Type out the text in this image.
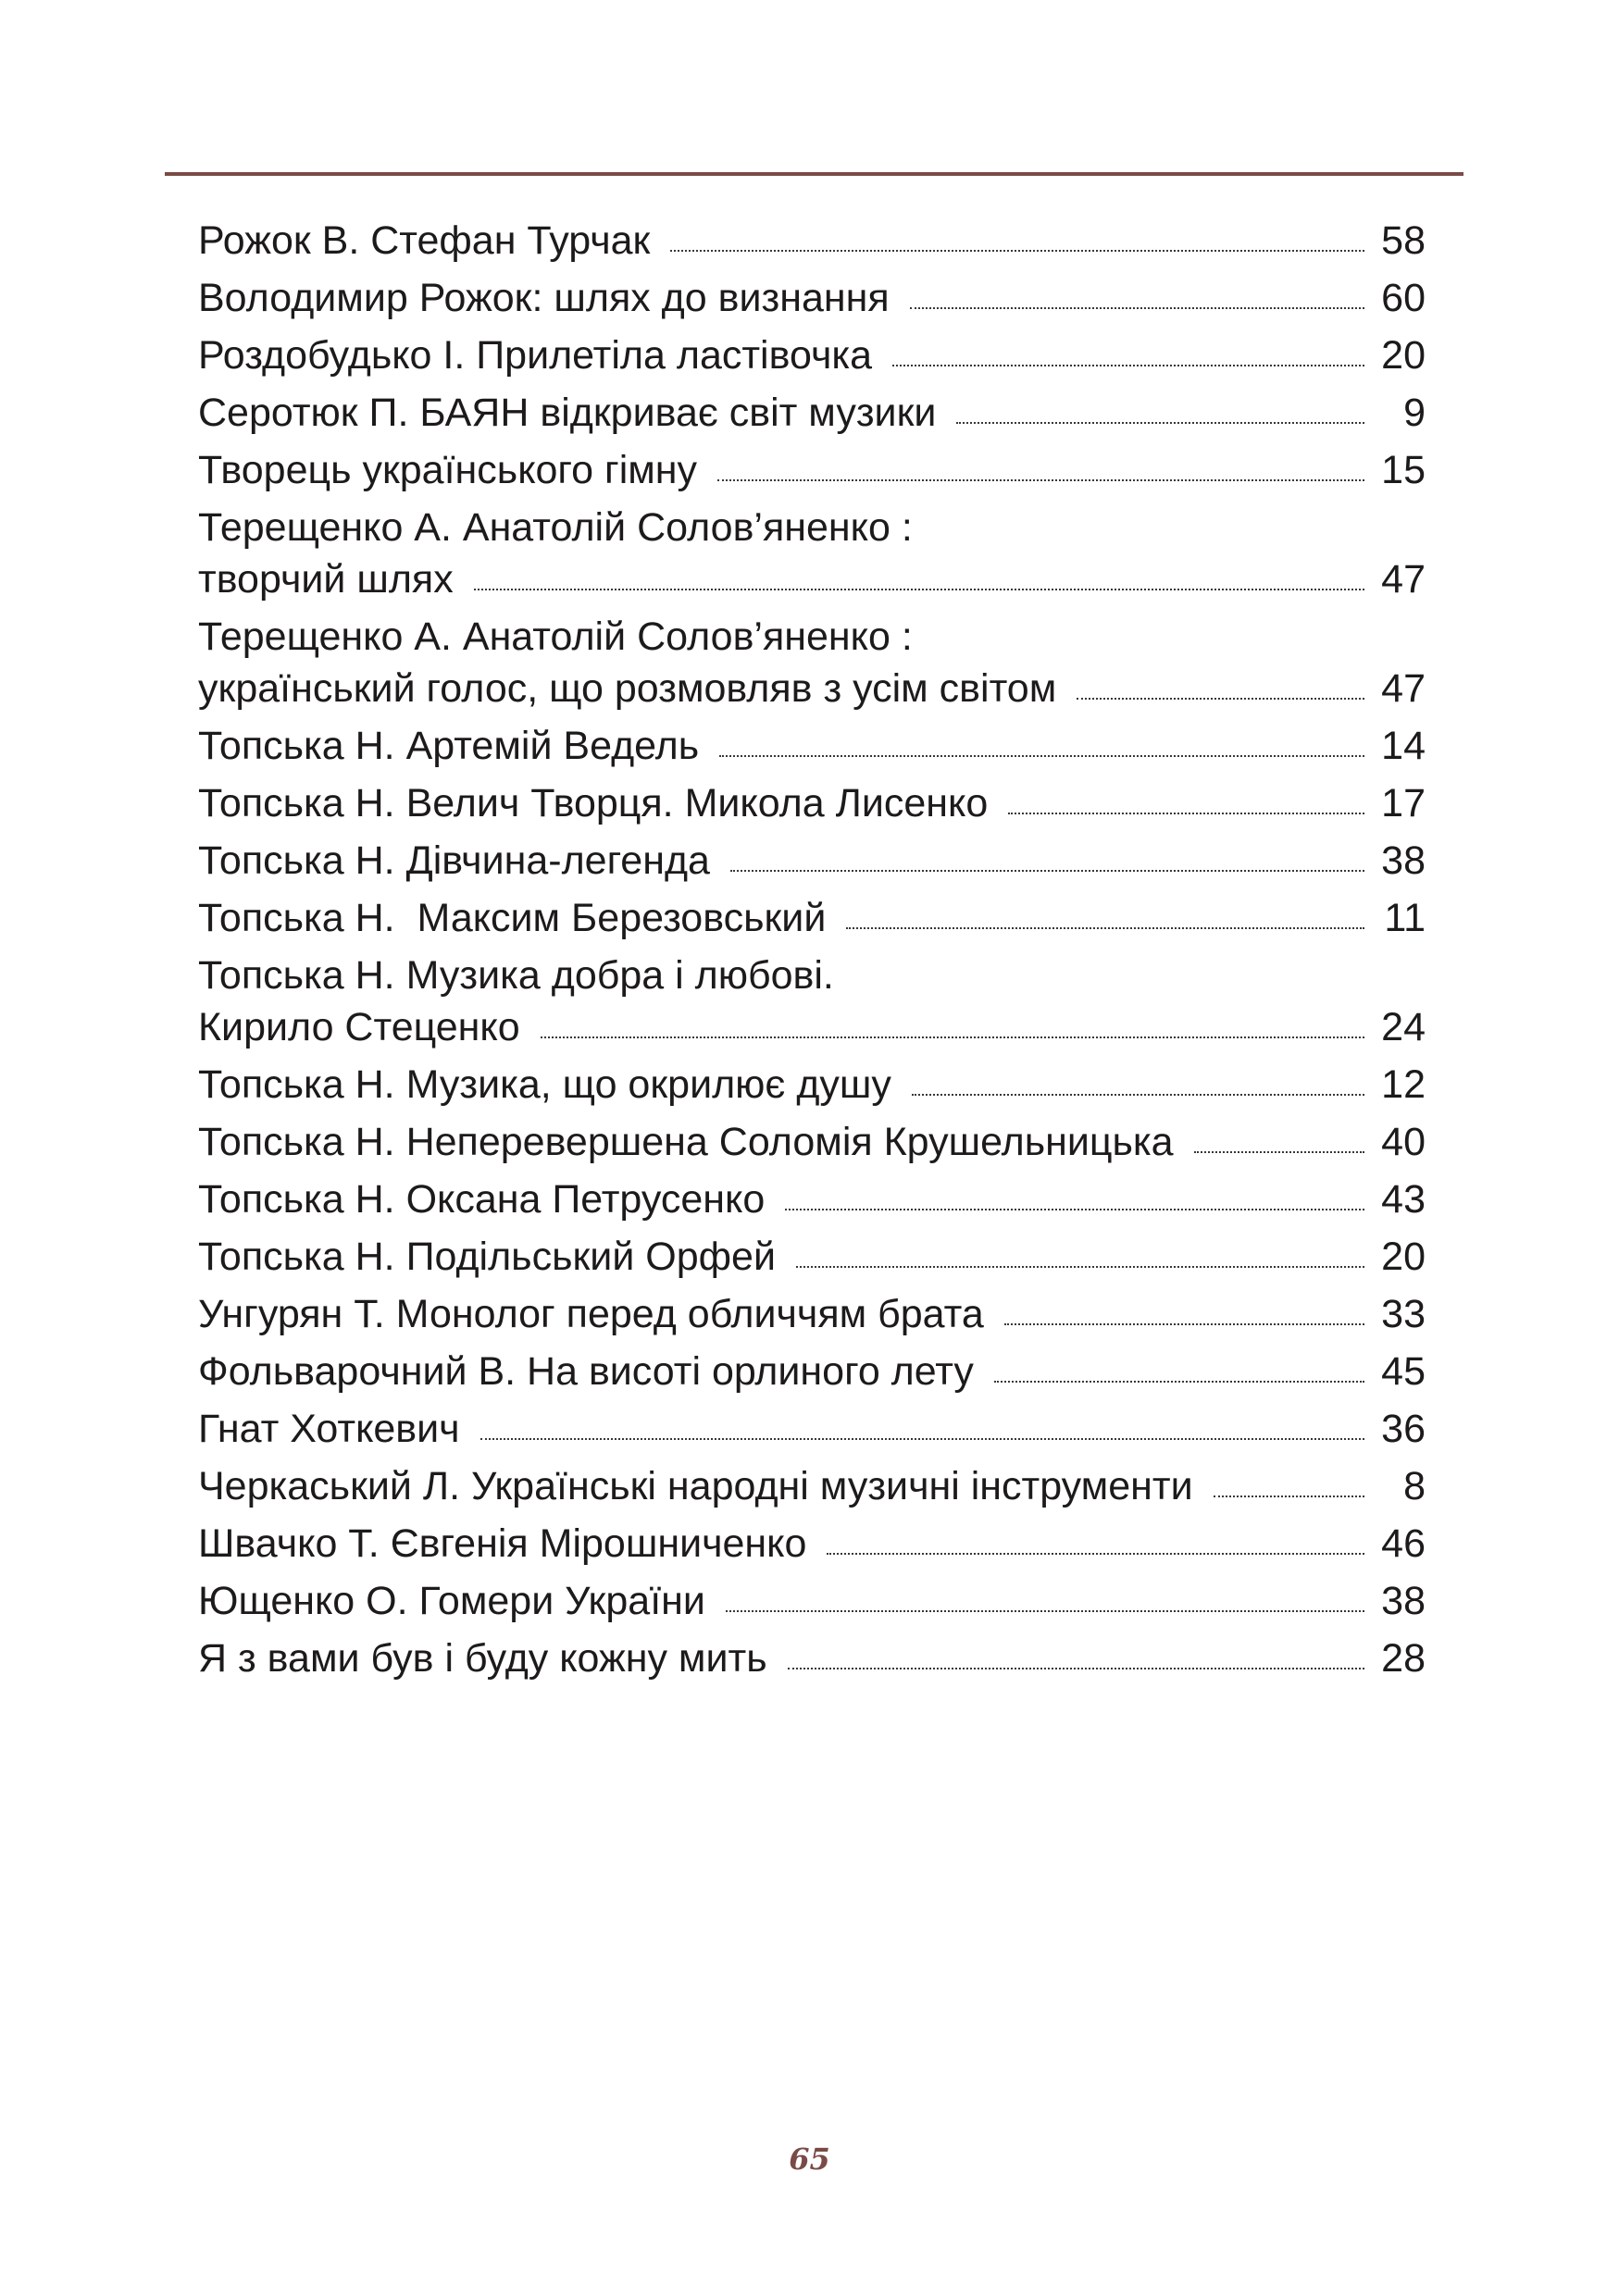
Рожок В. Стефан Турчак	58
Володимир Рожок: шлях до визнання	60
Роздобудько І. Прилетіла ластівочка	20
Серотюк П. БАЯН відкриває світ музики	9
Творець українського гімну	15
Терещенко А. Анатолій Солов’яненко :
творчий шлях	47
Терещенко А. Анатолій Солов’яненко :
український голос, що розмовляв з усім світом	47
Топська Н. Артемій Ведель	14
Топська Н. Велич Творця. Микола Лисенко	17
Топська Н. Дівчина-легенда	38
Топська Н.  Максим Березовський	11
Топська Н. Музика добра і любові.
Кирило Стеценко	24
Топська Н. Музика, що окрилює душу	12
Топська Н. Неперевершена Соломія Крушельницька	40
Топська Н. Оксана Петрусенко	43
Топська Н. Подільський Орфей	20
Унгурян Т. Монолог перед обличчям брата	33
Фольварочний В. На висоті орлиного лету	45
Гнат Хоткевич	36
Черкаський Л. Українські народні музичні інструменти	8
Швачко Т. Євгенія Мірошниченко	46
Ющенко О. Гомери України	38
Я з вами був і буду кожну мить	28
65
